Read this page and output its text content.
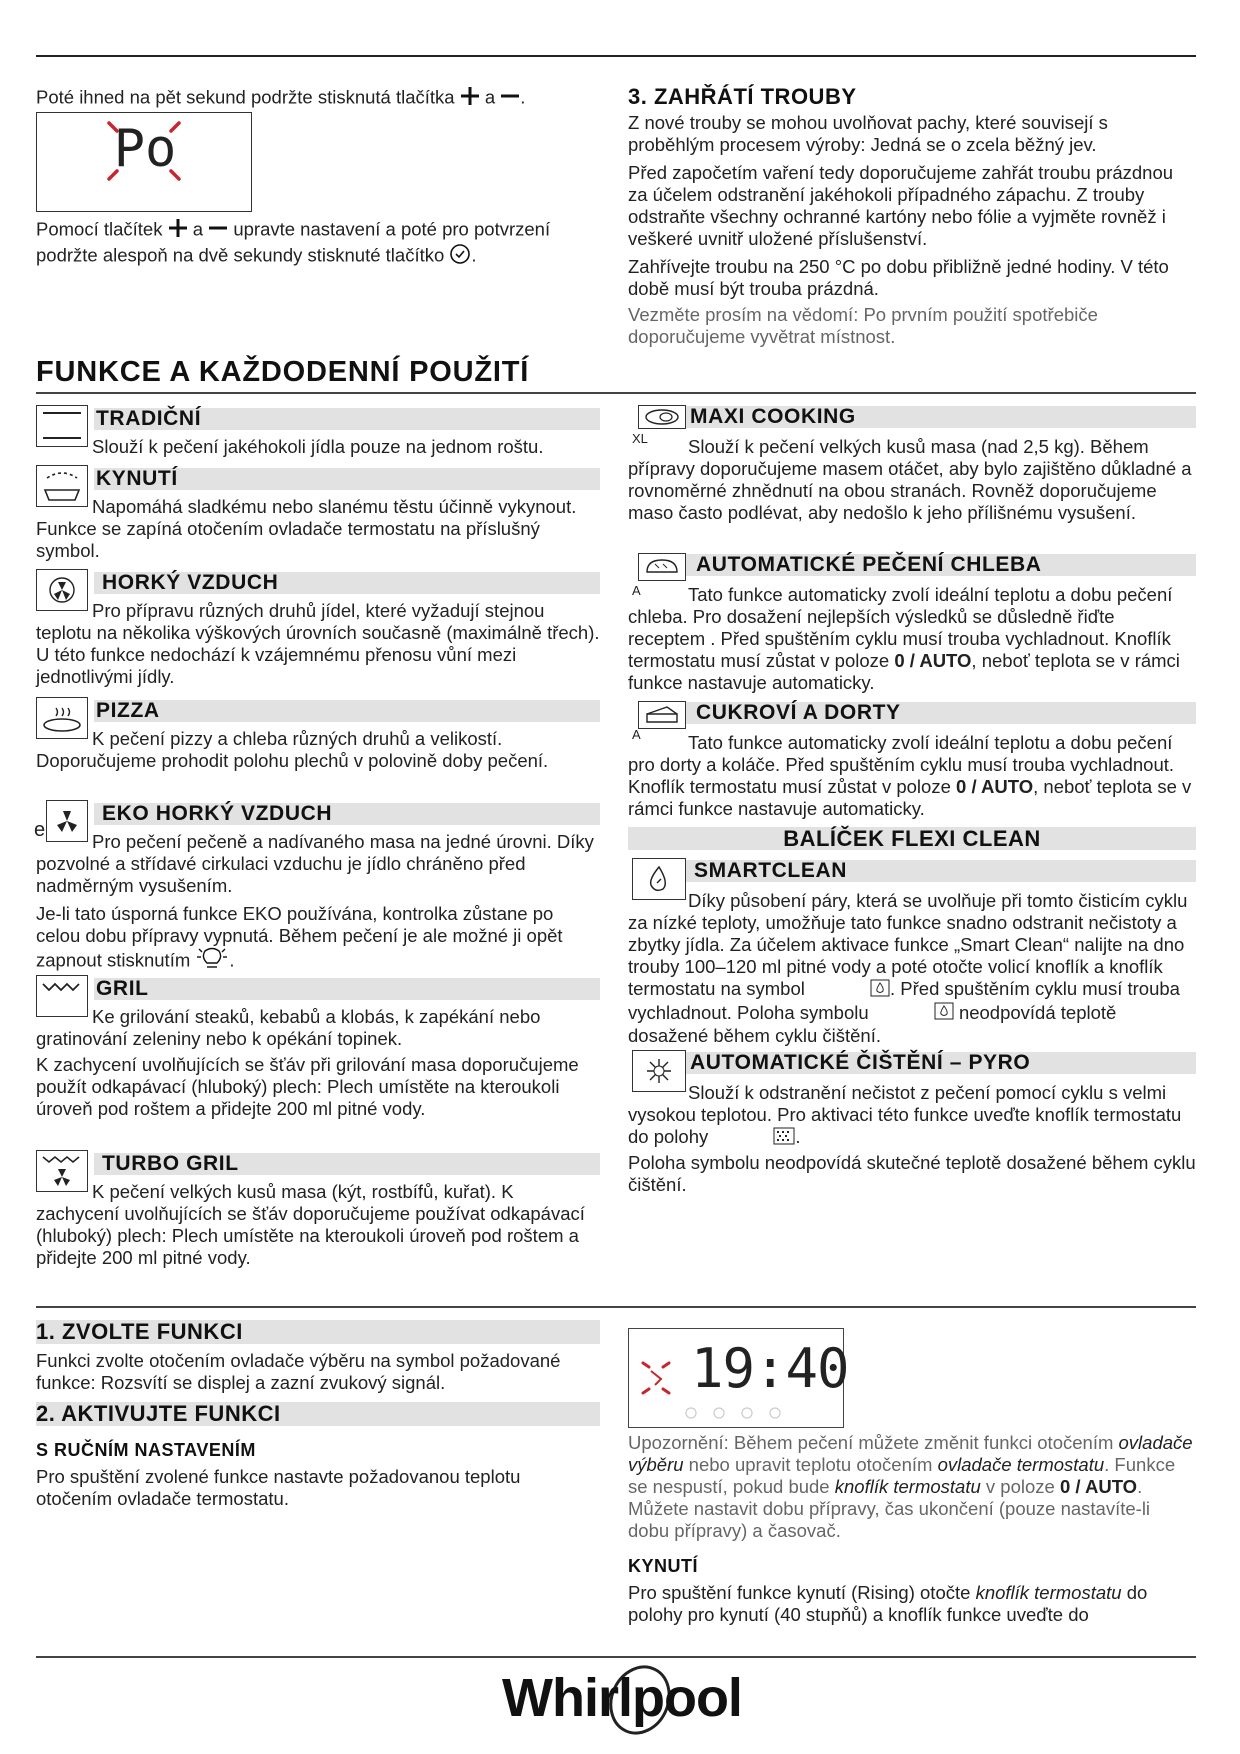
Poté ihned na pět sekund podržte stisknutá tlačítka a .

Po

Pomocí tlačítek a upravte nastavení a poté pro potvrzení podržte alespoň na dvě sekundy stisknuté tlačítko .

3. ZAHŘÁTÍ TROUBY

Z nové trouby se mohou uvolňovat pachy, které souvisejí s proběhlým procesem výroby: Jedná se o zcela běžný jev.

Před započetím vaření tedy doporučujeme zahřát troubu prázdnou za účelem odstranění jakéhokoli případného zápachu. Z trouby odstraňte všechny ochranné kartóny nebo fólie a vyjměte rovněž i veškeré uvnitř uložené příslušenství.

Zahřívejte troubu na 250 °C po dobu přibližně jedné hodiny. V této době musí být trouba prázdná.

Vezměte prosím na vědomí: Po prvním použití spotřebiče doporučujeme vyvětrat místnost.

FUNKCE A KAŽDODENNÍ POUŽITÍ
TRADIČNÍ

Slouží k pečení jakéhokoli jídla pouze na jednom roštu.

KYNUTÍ

Napomáhá sladkému nebo slanému těstu účinně vykynout. Funkce se zapíná otočením ovladače termostatu na příslušný symbol.

HORKÝ VZDUCH

Pro přípravu různých druhů jídel, které vyžadují stejnou teplotu na několika výškových úrovních současně (maximálně třech). U této funkce nedochází k vzájemnému přenosu vůní mezi jednotlivými jídly.

PIZZA

K pečení pizzy a chleba různých druhů a velikostí. Doporučujeme prohodit polohu plechů v polovině doby pečení.

e
EKO HORKÝ VZDUCH

Pro pečení pečeně a nadívaného masa na jedné úrovni. Díky pozvolné a střídavé cirkulaci vzduchu je jídlo chráněno před nadměrným vysušením.

Je-li tato úsporná funkce EKO používána, kontrolka zůstane po celou dobu přípravy vypnutá. Během pečení je ale možné ji opět zapnout stisknutím .

GRIL

Ke grilování steaků, kebabů a klobás, k zapékání nebo gratinování zeleniny nebo k opékání topinek.

K zachycení uvolňujících se šťáv při grilování masa doporučujeme použít odkapávací (hluboký) plech: Plech umístěte na kteroukoli úroveň pod roštem a přidejte 200 ml pitné vody.

TURBO GRIL

K pečení velkých kusů masa (kýt, rostbífů, kuřat). K zachycení uvolňujících se šťáv doporučujeme používat odkapávací (hluboký) plech: Plech umístěte na kteroukoli úroveň pod roštem a přidejte 200 ml pitné vody.

XL
MAXI COOKING

Slouží k pečení velkých kusů masa (nad 2,5 kg). Během přípravy doporučujeme masem otáčet, aby bylo zajištěno důkladné a rovnoměrné zhnědnutí na obou stranách. Rovněž doporučujeme maso často podlévat, aby nedošlo k jeho přílišnému vysušení.

A
AUTOMATICKÉ PEČENÍ CHLEBA

Tato funkce automaticky zvolí ideální teplotu a dobu pečení chleba. Pro dosažení nejlepších výsledků se důsledně řiďte receptem . Před spuštěním cyklu musí trouba vychladnout. Knoflík termostatu musí zůstat v poloze 0 / AUTO, neboť teplota se v rámci funkce nastavuje automaticky.

A
CUKROVÍ A DORTY

Tato funkce automaticky zvolí ideální teplotu a dobu pečení pro dorty a koláče. Před spuštěním cyklu musí trouba vychladnout. Knoflík termostatu musí zůstat v poloze 0 / AUTO, neboť teplota se v rámci funkce nastavuje automaticky.

BALÍČEK FLEXI CLEAN
SMARTCLEAN

Díky působení páry, která se uvolňuje při tomto čisticím cyklu za nízké teploty, umožňuje tato funkce snadno odstranit nečistoty a zbytky jídla. Za účelem aktivace funkce „Smart Clean“ nalijte na dno trouby 100–120 ml pitné vody a poté otočte volicí knoflík a knoflík termostatu na symbol	. Před spuštěním cyklu musí trouba vychladnout. Poloha symbolu	neodpovídá teplotě dosažené během cyklu čištění.

AUTOMATICKÉ ČIŠTĚNÍ – PYRO

Slouží k odstranění nečistot z pečení pomocí cyklu s velmi vysokou teplotou. Pro aktivaci této funkce uveďte knoflík termostatu do polohy	.

Poloha symbolu neodpovídá skutečné teplotě dosažené během cyklu čištění.

1. ZVOLTE FUNKCI

Funkci zvolte otočením ovladače výběru na symbol požadované funkce: Rozsvítí se displej a zazní zvukový signál.

2. AKTIVUJTE FUNKCI
S RUČNÍM NASTAVENÍM

Pro spuštění zvolené funkce nastavte požadovanou teplotu otočením ovladače termostatu.

19:40

Upozornění: Během pečení můžete změnit funkci otočením ovladače výběru nebo upravit teplotu otočením ovladače termostatu. Funkce se nespustí, pokud bude knoflík termostatu v poloze 0 / AUTO. Můžete nastavit dobu přípravy, čas ukončení (pouze nastavíte-li dobu přípravy) a časovač.

KYNUTÍ

Pro spuštění funkce kynutí (Rising) otočte knoflík termostatu do polohy pro kynutí (40 stupňů) a knoflík funkce uveďte do

Whirlpool
